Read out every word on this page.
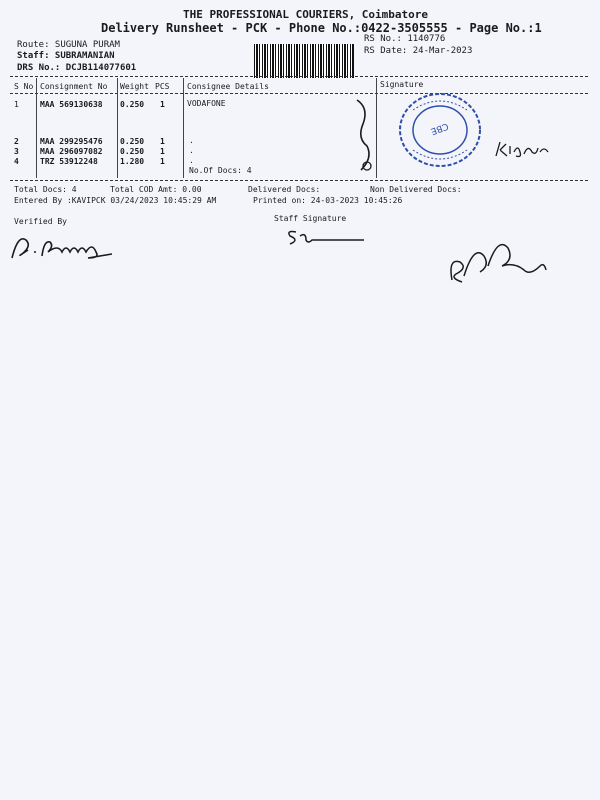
THE PROFESSIONAL COURIERS, Coimbatore
Delivery Runsheet - PCK - Phone No.:0422-3505555 - Page No.:1
Route: SUGUNA PURAM
Staff: SUBRAMANIAN
DRS No.: DCJB114077601
RS No.: 1140776
RS Date: 24-Mar-2023
S No Consignment No Weight PCS Consignee Details	Signature
1	MAA 569130638 0.250 1	VODAFONE
2	MAA 299295476 0.250 1	.
3	MAA 296097082 0.250 1	.
4	TRZ 53912248	1.280 1	.
No.Of Docs: 4
CBE
Total Docs: 4	Total COD Amt: 0.00	Delivered Docs:	Non Delivered Docs:
Entered By :KAVIPCK 03/24/2023 10:45:29 AM	Printed on: 24-03-2023 10:45:26
Verified By	Staff Signature
